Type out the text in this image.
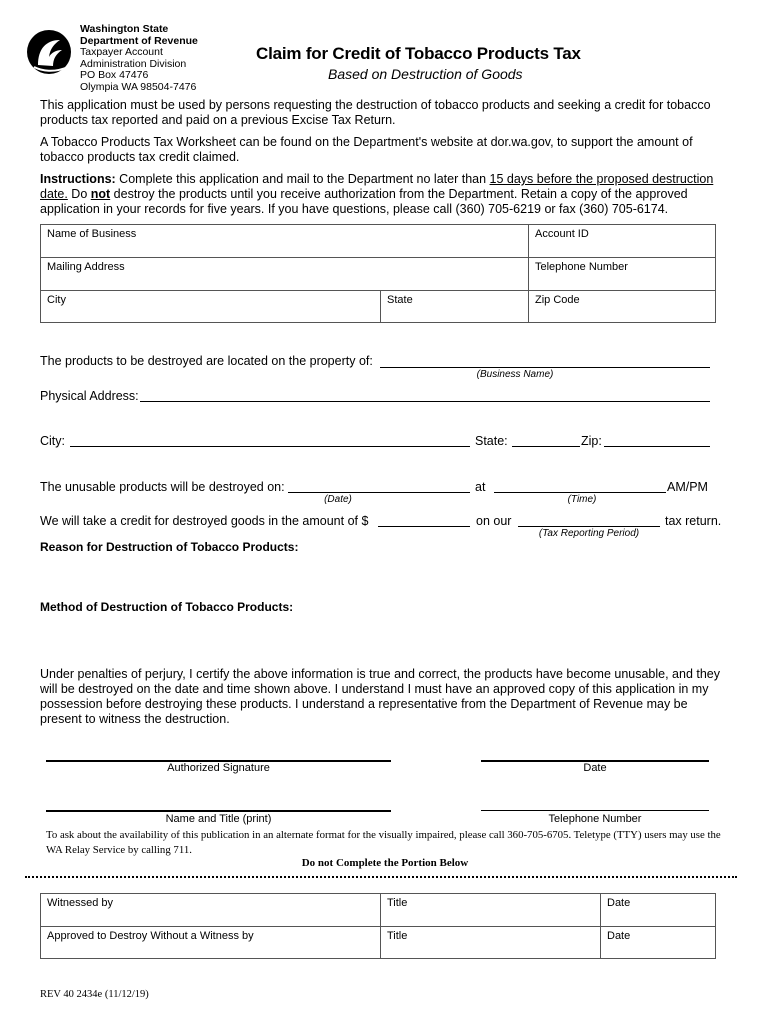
Washington State
Department of Revenue
Taxpayer Account
Administration Division
PO Box 47476
Olympia WA 98504-7476
Claim for Credit of Tobacco Products Tax
Based on Destruction of Goods
This application must be used by persons requesting the destruction of tobacco products and seeking a credit for tobacco products tax reported and paid on a previous Excise Tax Return.
A Tobacco Products Tax Worksheet can be found on the Department's website at dor.wa.gov, to support the amount of tobacco products tax credit claimed.
Instructions: Complete this application and mail to the Department no later than 15 days before the proposed destruction
date. Do not destroy the products until you receive authorization from the Department. Retain a copy of the approved
application in your records for five years. If you have questions, please call (360) 705-6219 or fax (360) 705-6174.
Name of Business	Account ID
Mailing Address	Telephone Number
City	State	Zip Code
The products to be destroyed are located on the property of:
(Business Name)
Physical Address:
City:	State:	Zip:
The unusable products will be destroyed on:
(Date)
at
(Time)
AM/PM
We will take a credit for destroyed goods in the amount of $	on our	tax return.
(Tax Reporting Period)
Reason for Destruction of Tobacco Products:
Method of Destruction of Tobacco Products:
Under penalties of perjury, I certify the above information is true and correct, the products have become unusable, and they will be destroyed on the date and time shown above. I understand I must have an approved copy of this application in my possession before destroying these products. I understand a representative from the Department of Revenue may be present to witness the destruction.
Authorized Signature	Date
Name and Title (print)	Telephone Number
To ask about the availability of this publication in an alternate format for the visually impaired, please call 360-705-6705. Teletype (TTY) users may use the WA Relay Service by calling 711.
Do not Complete the Portion Below
Witnessed by	Title	Date
Approved to Destroy Without a Witness by	Title	Date
REV 40 2434e (11/12/19)
